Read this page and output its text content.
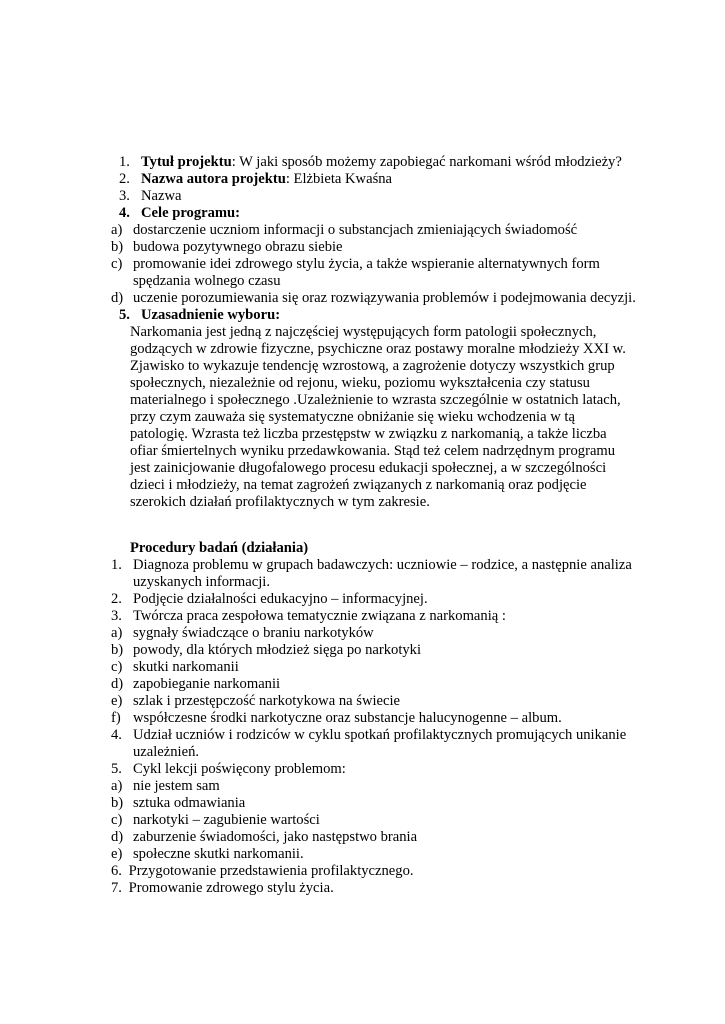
1. Tytuł projektu: W jaki sposób możemy zapobiegać narkomani wśród młodzieży?
2. Nazwa autora projektu: Elżbieta Kwaśna
3. Nazwa
4. Cele programu:
a) dostarczenie uczniom informacji o substancjach zmieniających świadomość
b) budowa pozytywnego obrazu siebie
c) promowanie idei zdrowego stylu życia, a także wspieranie alternatywnych form
spędzania wolnego czasu
d) uczenie porozumiewania się oraz rozwiązywania problemów i podejmowania decyzji.
5. Uzasadnienie wyboru:
Narkomania jest jedną z najczęściej występujących form patologii społecznych,
godzących w zdrowie fizyczne, psychiczne oraz postawy moralne młodzieży XXI w.
Zjawisko to wykazuje tendencję wzrostową, a zagrożenie dotyczy wszystkich grup
społecznych, niezależnie od rejonu, wieku, poziomu wykształcenia czy statusu
materialnego i społecznego .Uzależnienie to wzrasta szczególnie w ostatnich latach,
przy czym zauważa się systematyczne obniżanie się wieku wchodzenia w tą
patologię. Wzrasta też liczba przestępstw w związku z narkomanią, a także liczba
ofiar śmiertelnych wyniku przedawkowania. Stąd też celem nadrzędnym programu
jest zainicjowanie długofalowego procesu edukacji społecznej, a w szczególności
dzieci i młodzieży, na temat zagrożeń związanych z narkomanią oraz podjęcie
szerokich działań profilaktycznych w tym zakresie.
Procedury badań (działania)
1. Diagnoza problemu w grupach badawczych: uczniowie – rodzice, a następnie analiza
uzyskanych informacji.
2. Podjęcie działalności edukacyjno – informacyjnej.
3. Twórcza praca zespołowa tematycznie związana z narkomanią :
a) sygnały świadczące o braniu narkotyków
b) powody, dla których młodzież sięga po narkotyki
c) skutki narkomanii
d) zapobieganie narkomanii
e) szlak i przestępczość narkotykowa na świecie
f) współczesne środki narkotyczne oraz substancje halucynogenne – album.
4. Udział uczniów i rodziców w cyklu spotkań profilaktycznych promujących unikanie
uzależnień.
5. Cykl lekcji poświęcony problemom:
a) nie jestem sam
b) sztuka odmawiania
c) narkotyki – zagubienie wartości
d) zaburzenie świadomości, jako następstwo brania
e) społeczne skutki narkomanii.
6. Przygotowanie przedstawienia profilaktycznego.
7. Promowanie zdrowego stylu życia.
